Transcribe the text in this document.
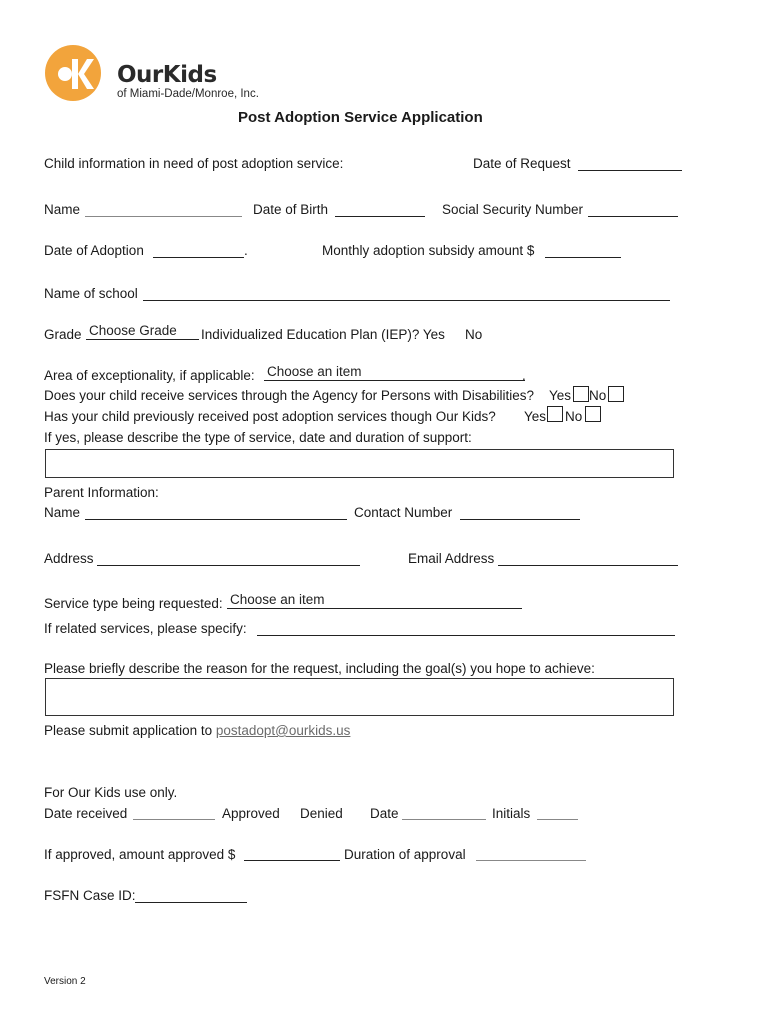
OurKids
of Miami-Dade/Monroe, Inc.
Post Adoption Service Application
Child information in need of post adoption service:	Date of Request
Name	Date of Birth	Social Security Number
Date of Adoption	.	Monthly adoption subsidy amount $
Name of school
Grade Choose Grade	Individualized Education Plan (IEP)? Yes No
Area of exceptionality, if applicable: Choose an item	.
Does your child receive services through the Agency for Persons with Disabilities? Yes No
Has your child previously received post adoption services though Our Kids? Yes No
If yes, please describe the type of service, date and duration of support:
Parent Information:
Name	Contact Number
Address	Email Address
Service type being requested: Choose an item
If related services, please specify:
Please briefly describe the reason for the request, including the goal(s) you hope to achieve:
Please submit application to postadopt@ourkids.us
For Our Kids use only.
Date received	Approved Denied Date	Initials
If approved, amount approved $	Duration of approval
FSFN Case ID:
Version 2
